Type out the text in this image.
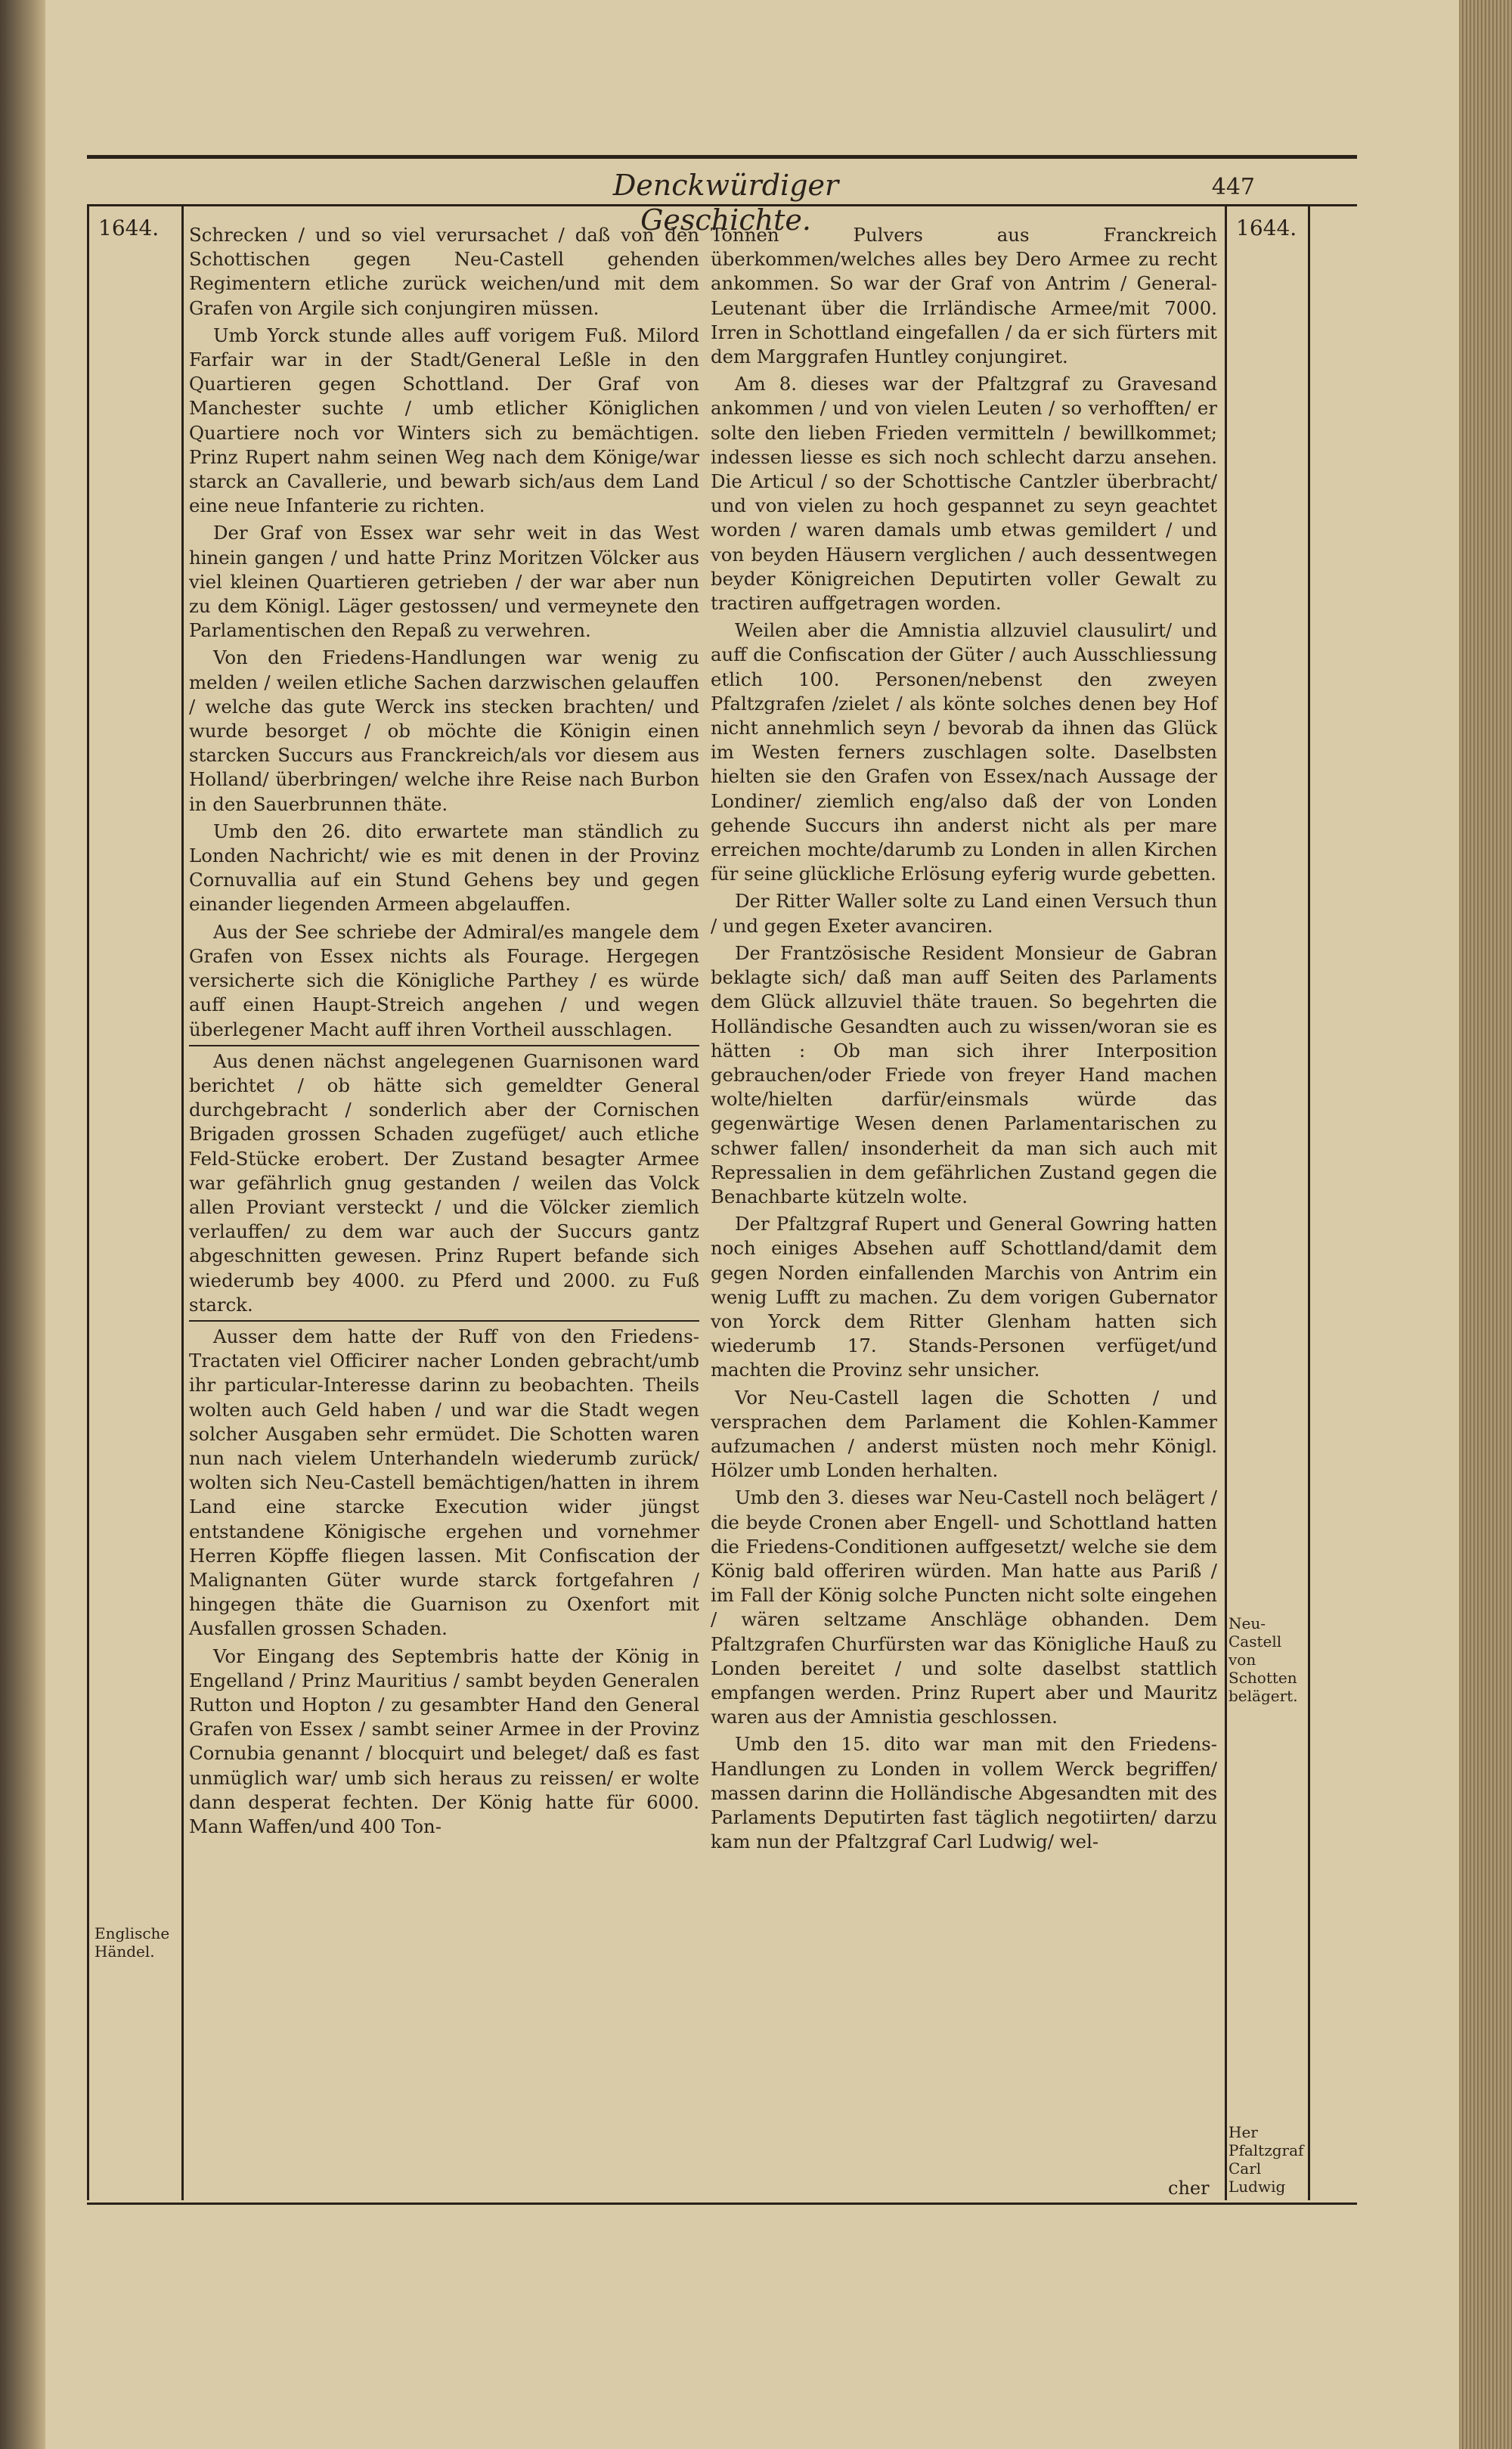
Denckwürdiger Geschichte.
447
1644.	1644.

Schrecken / und so viel verursachet / daß von den Schottischen gegen Neu-Castell gehenden Regimentern etliche zurück weichen/und mit dem Grafen von Argile sich conjungiren müssen.

Umb Yorck stunde alles auff vorigem Fuß. Milord Farfair war in der Stadt/General Leßle in den Quartieren gegen Schottland. Der Graf von Manchester suchte / umb etlicher Königlichen Quartiere noch vor Winters sich zu bemächtigen. Prinz Rupert nahm seinen Weg nach dem Könige/war starck an Cavallerie, und bewarb sich/aus dem Land eine neue Infanterie zu richten.

Der Graf von Essex war sehr weit in das West hinein gangen / und hatte Prinz Moritzen Völcker aus viel kleinen Quartieren getrieben / der war aber nun zu dem Königl. Läger gestossen/ und vermeynete den Parlamentischen den Repaß zu verwehren.

Von den Friedens-Handlungen war wenig zu melden / weilen etliche Sachen darzwischen gelauffen / welche das gute Werck ins stecken brachten/ und wurde besorget / ob möchte die Königin einen starcken Succurs aus Franckreich/als vor diesem aus Holland/ überbringen/ welche ihre Reise nach Burbon in den Sauerbrunnen thäte.

Umb den 26. dito erwartete man ständlich zu Londen Nachricht/ wie es mit denen in der Provinz Cornuvallia auf ein Stund Gehens bey und gegen einander liegenden Armeen abgelauffen.

Aus der See schriebe der Admiral/es mangele dem Grafen von Essex nichts als Fourage. Hergegen versicherte sich die Königliche Parthey / es würde auff einen Haupt-Streich angehen / und wegen überlegener Macht auff ihren Vortheil ausschlagen.

Aus denen nächst angelegenen Guarnisonen ward berichtet / ob hätte sich gemeldter General durchgebracht / sonderlich aber der Cornischen Brigaden grossen Schaden zugefüget/ auch etliche Feld-Stücke erobert. Der Zustand besagter Armee war gefährlich gnug gestanden / weilen das Volck allen Proviant versteckt / und die Völcker ziemlich verlauffen/ zu dem war auch der Succurs gantz abgeschnitten gewesen. Prinz Rupert befande sich wiederumb bey 4000. zu Pferd und 2000. zu Fuß starck.

Ausser dem hatte der Ruff von den Friedens-Tractaten viel Officirer nacher Londen gebracht/umb ihr particular-Interesse darinn zu beobachten. Theils wolten auch Geld haben / und war die Stadt wegen solcher Ausgaben sehr ermüdet. Die Schotten waren nun nach vielem Unterhandeln wiederumb zurück/ wolten sich Neu-Castell bemächtigen/hatten in ihrem Land eine starcke Execution wider jüngst entstandene Königische ergehen und vornehmer Herren Köpffe fliegen lassen. Mit Confiscation der Malignanten Güter wurde starck fortgefahren / hingegen thäte die Guarnison zu Oxenfort mit Ausfallen grossen Schaden.

Vor Eingang des Septembris hatte der König in Engelland / Prinz Mauritius / sambt beyden Generalen Rutton und Hopton / zu gesambter Hand den General Grafen von Essex / sambt seiner Armee in der Provinz Cornubia genannt / blocquirt und beleget/ daß es fast unmüglich war/ umb sich heraus zu reissen/ er wolte dann desperat fechten. Der König hatte für 6000. Mann Waffen/und 400 Ton-

Tonnen Pulvers aus Franckreich überkommen/welches alles bey Dero Armee zu recht ankommen. So war der Graf von Antrim / General-Leutenant über die Irrländische Armee/mit 7000. Irren in Schottland eingefallen / da er sich fürters mit dem Marggrafen Huntley conjungiret.

Am 8. dieses war der Pfaltzgraf zu Gravesand ankommen / und von vielen Leuten / so verhofften/ er solte den lieben Frieden vermitteln / bewillkommet; indessen liesse es sich noch schlecht darzu ansehen. Die Articul / so der Schottische Cantzler überbracht/ und von vielen zu hoch gespannet zu seyn geachtet worden / waren damals umb etwas gemildert / und von beyden Häusern verglichen / auch dessentwegen beyder Königreichen Deputirten voller Gewalt zu tractiren auffgetragen worden.

Weilen aber die Amnistia allzuviel clausulirt/ und auff die Confiscation der Güter / auch Ausschliessung etlich 100. Personen/nebenst den zweyen Pfaltzgrafen /zielet / als könte solches denen bey Hof nicht annehmlich seyn / bevorab da ihnen das Glück im Westen ferners zuschlagen solte. Daselbsten hielten sie den Grafen von Essex/nach Aussage der Londiner/ ziemlich eng/also daß der von Londen gehende Succurs ihn anderst nicht als per mare erreichen mochte/darumb zu Londen in allen Kirchen für seine glückliche Erlösung eyferig wurde gebetten.

Der Ritter Waller solte zu Land einen Versuch thun / und gegen Exeter avanciren.

Der Frantzösische Resident Monsieur de Gabran beklagte sich/ daß man auff Seiten des Parlaments dem Glück allzuviel thäte trauen. So begehrten die Holländische Gesandten auch zu wissen/woran sie es hätten : Ob man sich ihrer Interposition gebrauchen/oder Friede von freyer Hand machen wolte/hielten darfür/einsmals würde das gegenwärtige Wesen denen Parlamentarischen zu schwer fallen/ insonderheit da man sich auch mit Repressalien in dem gefährlichen Zustand gegen die Benachbarte kützeln wolte.

Der Pfaltzgraf Rupert und General Gowring hatten noch einiges Absehen auff Schottland/damit dem gegen Norden einfallenden Marchis von Antrim ein wenig Lufft zu machen. Zu dem vorigen Gubernator von Yorck dem Ritter Glenham hatten sich wiederumb 17. Stands-Personen verfüget/und machten die Provinz sehr unsicher.

Vor Neu-Castell lagen die Schotten / und versprachen dem Parlament die Kohlen-Kammer aufzumachen / anderst müsten noch mehr Königl. Hölzer umb Londen herhalten.

Umb den 3. dieses war Neu-Castell noch belägert / die beyde Cronen aber Engell- und Schottland hatten die Friedens-Conditionen auffgesetzt/ welche sie dem König bald offeriren würden. Man hatte aus Pariß / im Fall der König solche Puncten nicht solte eingehen / wären seltzame Anschläge obhanden. Dem Pfaltzgrafen Churfürsten war das Königliche Hauß zu Londen bereitet / und solte daselbst stattlich empfangen werden. Prinz Rupert aber und Mauritz waren aus der Amnistia geschlossen.

Umb den 15. dito war man mit den Friedens-Handlungen zu Londen in vollem Werck begriffen/ massen darinn die Holländische Abgesandten mit des Parlaments Deputirten fast täglich negotiirten/ darzu kam nun der Pfaltzgraf Carl Ludwig/ wel-

Englische Händel.
Neu-Castell von Schotten belägert.
Her Pfaltzgraf Carl Ludwig
cher
